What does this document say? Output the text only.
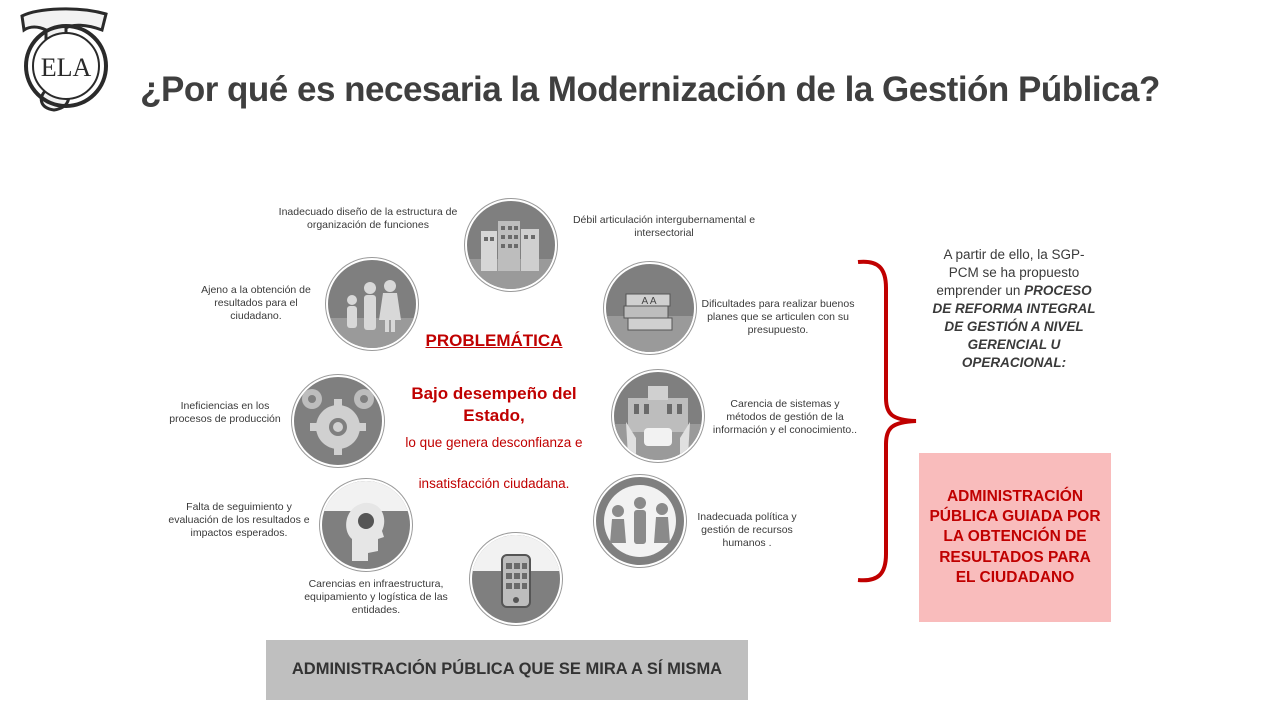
ELA
¿Por qué es necesaria la Modernización de la Gestión Pública?
A A
Inadecuado diseño de la estructura de organización de funciones	Débil articulación intergubernamental e intersectorial
Ajeno a la obtención de resultados para el ciudadano.
Dificultades para realizar buenos planes que se articulen con su presupuesto.
Ineficiencias en los procesos de producción
Carencia de sistemas y métodos de gestión de la información y el conocimiento..
Falta de seguimiento y evaluación de los resultados e impactos esperados.
Inadecuada política y gestión de recursos humanos .
Carencias en infraestructura, equipamiento y logística de las entidades.
PROBLEMÁTICA
Bajo desempeño del Estado,
lo que genera desconfianza e
insatisfacción ciudadana.
A partir de ello, la SGP-PCM se ha propuesto emprender un PROCESO DE REFORMA INTEGRAL DE GESTIÓN A NIVEL GERENCIAL U OPERACIONAL:
ADMINISTRACIÓN PÚBLICA GUIADA POR LA OBTENCIÓN DE RESULTADOS PARA EL CIUDADANO
ADMINISTRACIÓN PÚBLICA QUE SE MIRA A SÍ MISMA
